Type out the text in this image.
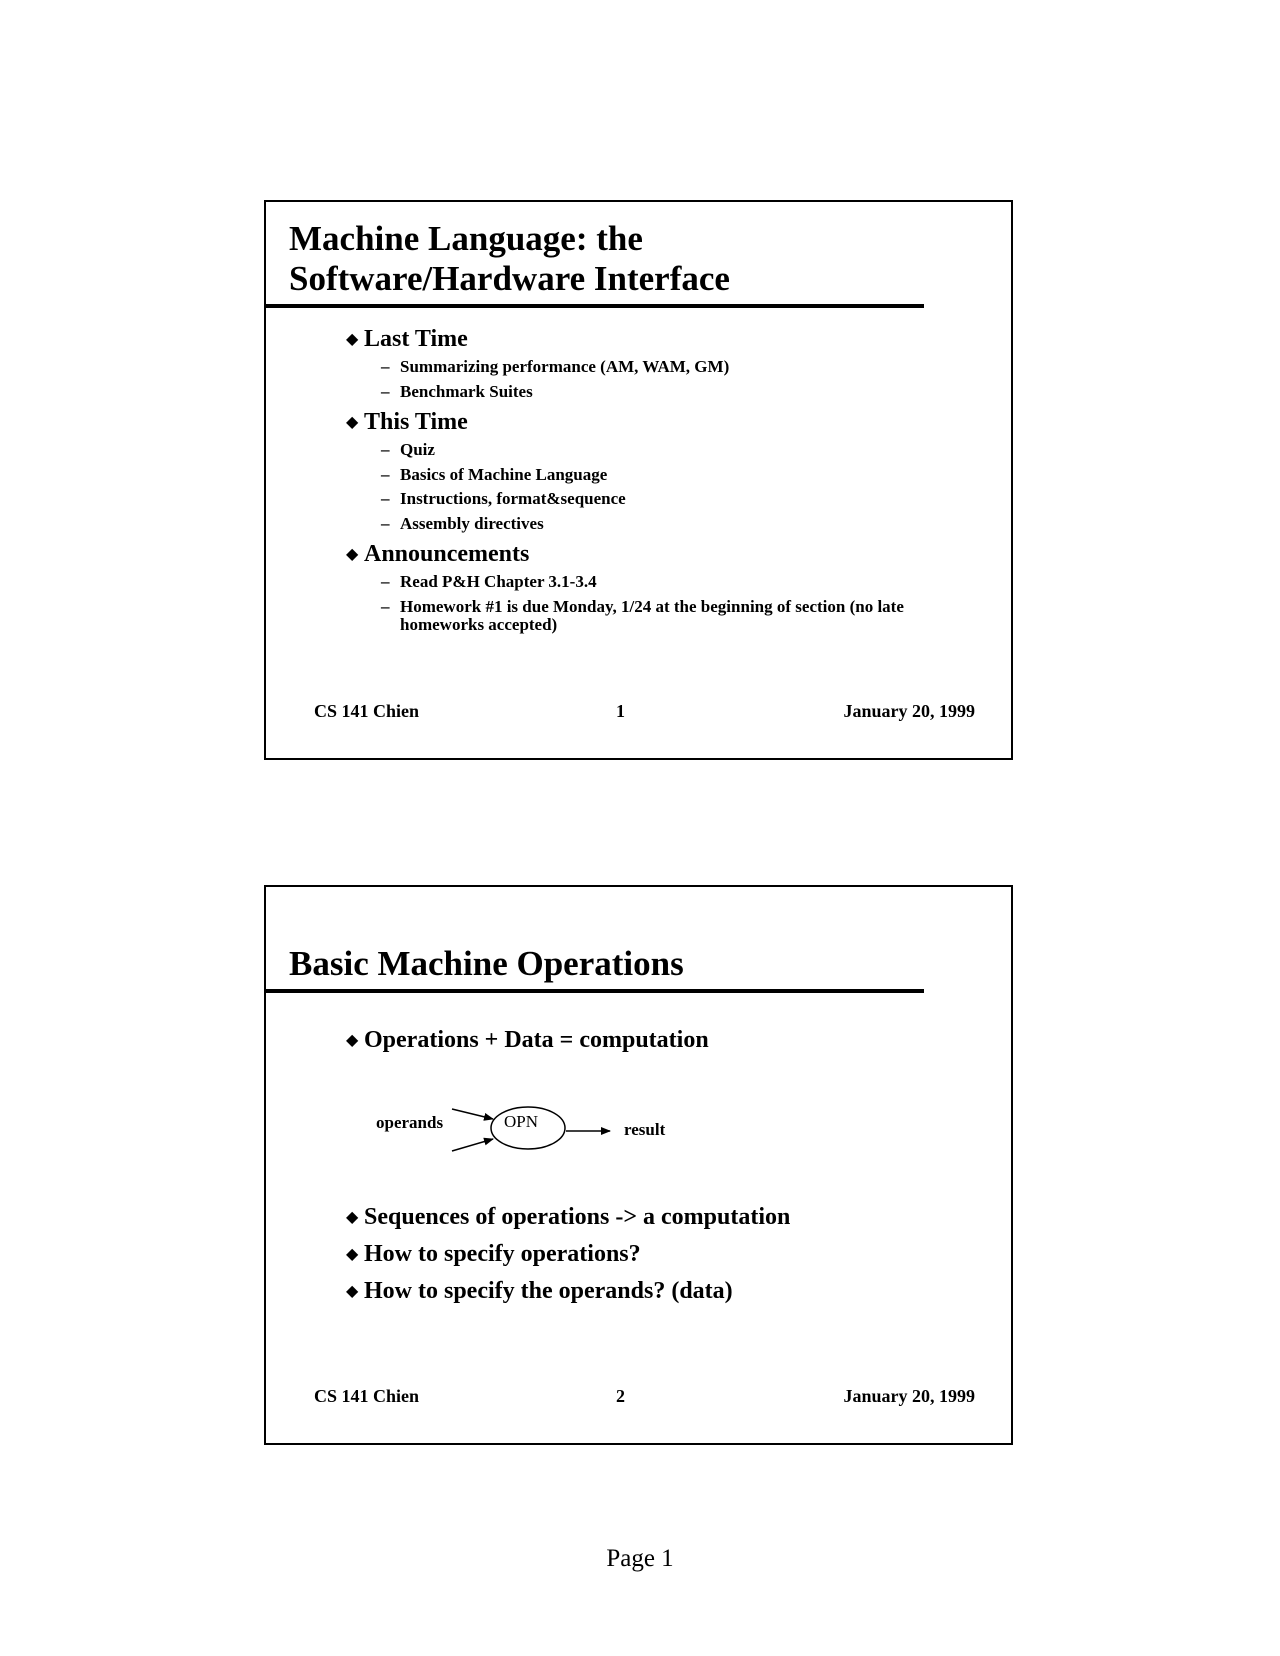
Machine Language: the
Software/Hardware Interface
◆ Last Time
– Summarizing performance (AM, WAM, GM)
– Benchmark Suites
◆ This Time
– Quiz
– Basics of Machine Language
– Instructions, format&sequence
– Assembly directives
◆ Announcements
– Read P&H Chapter 3.1-3.4
– Homework #1 is due Monday, 1/24 at the beginning of section (no late homeworks accepted)
CS 141 Chien	1	January 20, 1999
Basic Machine Operations
◆ Operations + Data = computation
operands	OPN	result
◆ Sequences of operations -> a computation
◆ How to specify operations?
◆ How to specify the operands? (data)
CS 141 Chien	2	January 20, 1999
Page 1
